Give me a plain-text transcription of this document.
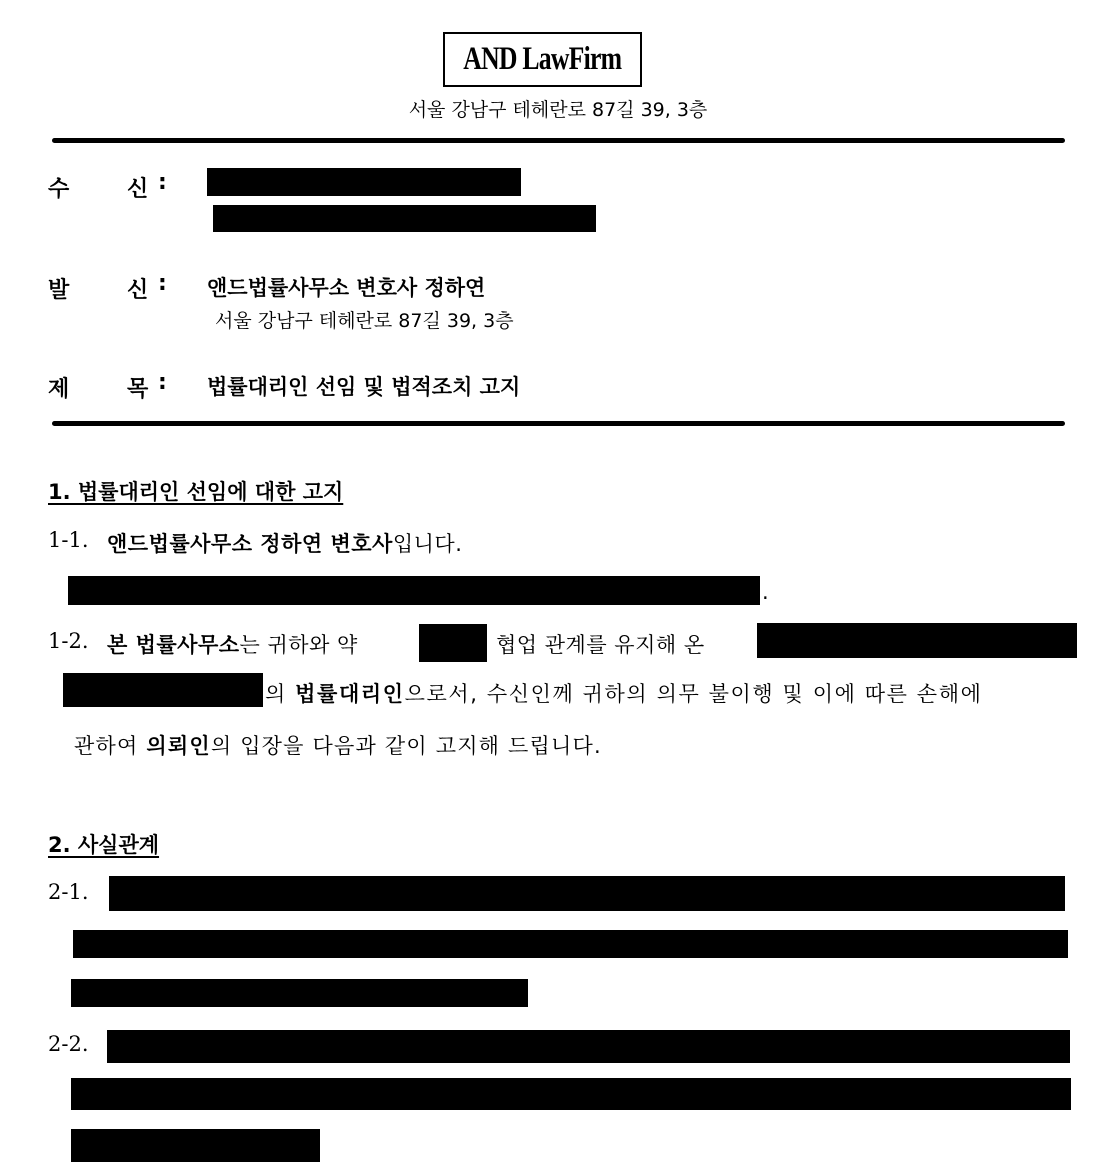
AND LawFirm
서울 강남구 테헤란로 87길 39, 3층
수	신 :
발	신 : 앤드법률사무소 변호사 정하연
서울 강남구 테헤란로 87길 39, 3층
제	목 : 법률대리인 선임 및 법적조치 고지
1. 법률대리인 선임에 대한 고지
1-1. 앤드법률사무소 정하연 변호사입니다.
.
1-2. 본 법률사무소는 귀하와 약	협업 관계를 유지해 온
의 법률대리인으로서, 수신인께 귀하의 의무 불이행 및 이에 따른 손해에
관하여 의뢰인의 입장을 다음과 같이 고지해 드립니다.
2. 사실관계
2-1.
2-2.
